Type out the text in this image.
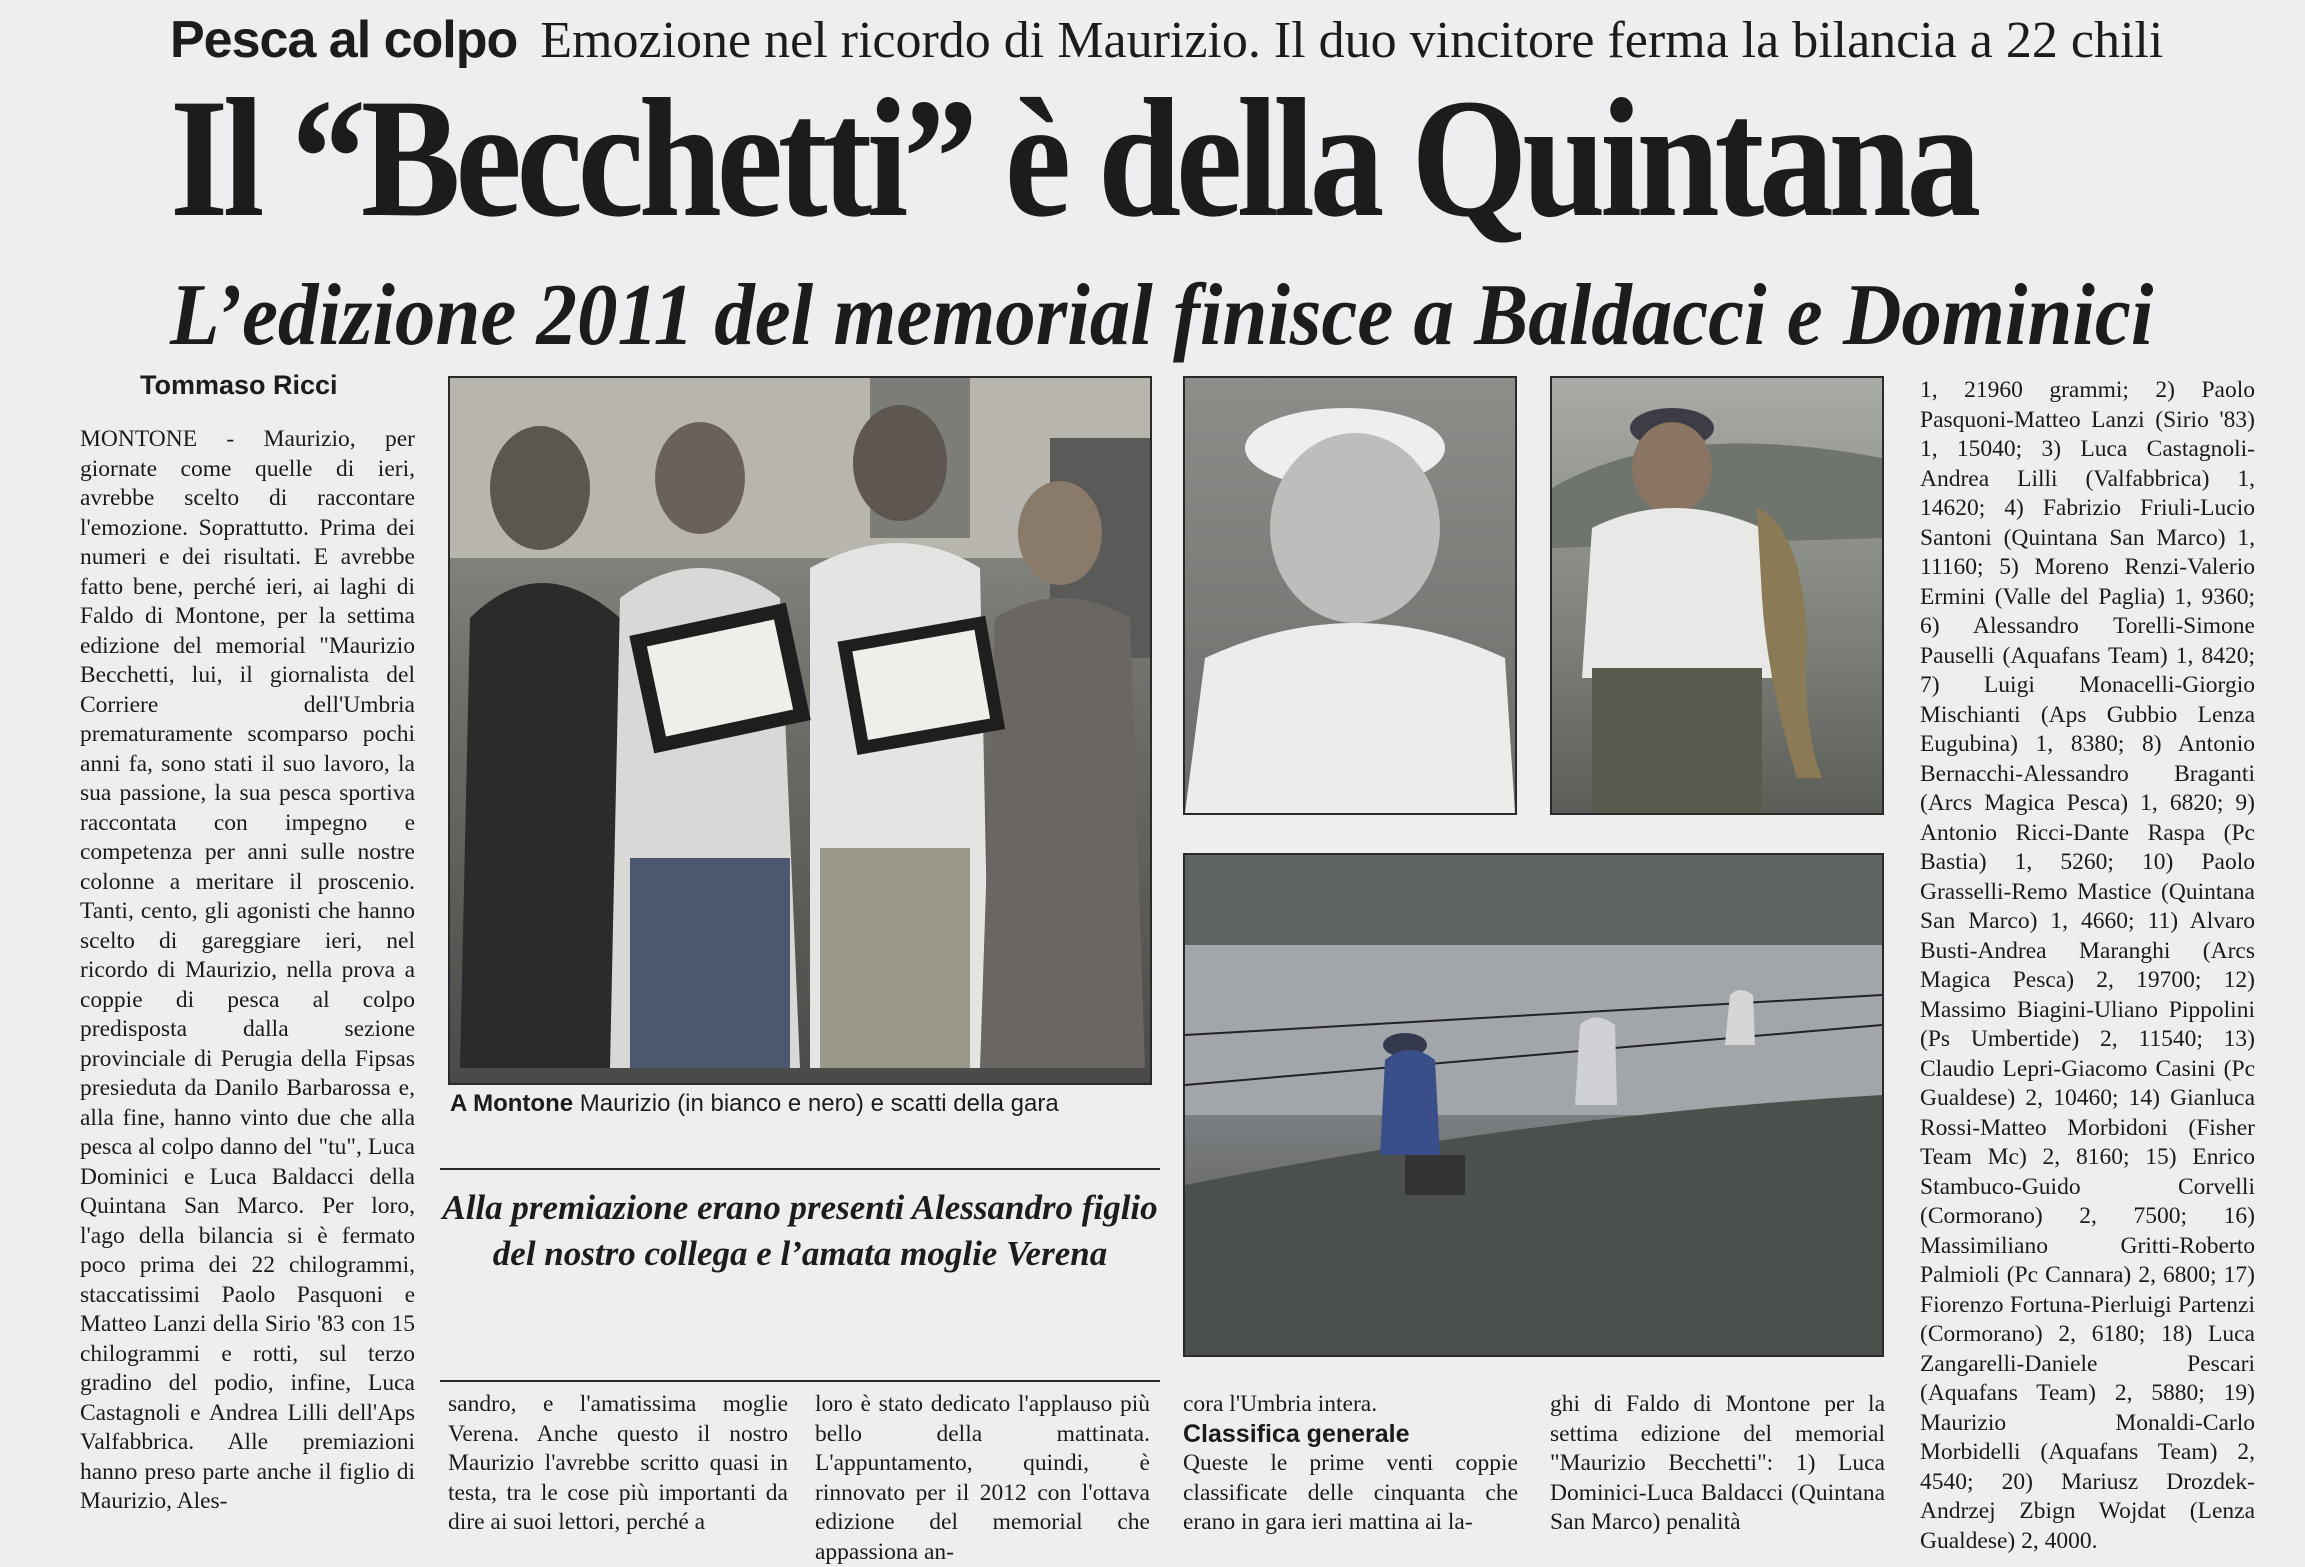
Pesca al colpo Emozione nel ricordo di Maurizio. Il duo vincitore ferma la bilancia a 22 chili
Il “Becchetti” è della Quintana
L’edizione 2011 del memorial finisce a Baldacci e Dominici
Tommaso Ricci

MONTONE - Maurizio, per giornate come quelle di ieri, avrebbe scelto di raccontare l'emozione. Soprattutto. Prima dei numeri e dei risultati. E avrebbe fatto bene, perché ieri, ai laghi di Faldo di Montone, per la settima edizione del memorial "Maurizio Becchetti, lui, il giornalista del Corriere dell'Umbria prematuramente scomparso pochi anni fa, sono stati il suo lavoro, la sua passione, la sua pesca sportiva raccontata con impegno e competenza per anni sulle nostre colonne a meritare il proscenio. Tanti, cento, gli agonisti che hanno scelto di gareggiare ieri, nel ricordo di Maurizio, nella prova a coppie di pesca al colpo predisposta dalla sezione provinciale di Perugia della Fipsas presieduta da Danilo Barbarossa e, alla fine, hanno vinto due che alla pesca al colpo danno del "tu", Luca Dominici e Luca Baldacci della Quintana San Marco. Per loro, l'ago della bilancia si è fermato poco prima dei 22 chilogrammi, staccatissimi Paolo Pasquoni e Matteo Lanzi della Sirio '83 con 15 chilogrammi e rotti, sul terzo gradino del podio, infine, Luca Castagnoli e Andrea Lilli dell'Aps Valfabbrica. Alle premiazioni hanno preso parte anche il figlio di Maurizio, Ales-

A Montone Maurizio (in bianco e nero) e scatti della gara
Alla premiazione erano presenti Alessandro figlio del nostro collega e l’amata moglie Verena

sandro, e l'amatissima moglie Verena. Anche questo il nostro Maurizio l'avrebbe scritto quasi in testa, tra le cose più importanti da dire ai suoi lettori, perché a

loro è stato dedicato l'applauso più bello della mattinata. L'appuntamento, quindi, è rinnovato per il 2012 con l'ottava edizione del memorial che appassiona an-

cora l'Umbria intera.

Classifica generale

Queste le prime venti coppie classificate delle cinquanta che erano in gara ieri mattina ai la-

ghi di Faldo di Montone per la settima edizione del memorial "Maurizio Becchetti": 1) Luca Dominici-Luca Baldacci (Quintana San Marco) penalità

1, 21960 grammi; 2) Paolo Pasquoni-Matteo Lanzi (Sirio '83) 1, 15040; 3) Luca Castagnoli-Andrea Lilli (Valfabbrica) 1, 14620; 4) Fabrizio Friuli-Lucio Santoni (Quintana San Marco) 1, 11160; 5) Moreno Renzi-Valerio Ermini (Valle del Paglia) 1, 9360; 6) Alessandro Torelli-Simone Pauselli (Aquafans Team) 1, 8420; 7) Luigi Monacelli-Giorgio Mischianti (Aps Gubbio Lenza Eugubina) 1, 8380; 8) Antonio Bernacchi-Alessandro Braganti (Arcs Magica Pesca) 1, 6820; 9) Antonio Ricci-Dante Raspa (Pc Bastia) 1, 5260; 10) Paolo Grasselli-Remo Mastice (Quintana San Marco) 1, 4660; 11) Alvaro Busti-Andrea Maranghi (Arcs Magica Pesca) 2, 19700; 12) Massimo Biagini-Uliano Pippolini (Ps Umbertide) 2, 11540; 13) Claudio Lepri-Giacomo Casini (Pc Gualdese) 2, 10460; 14) Gianluca Rossi-Matteo Morbidoni (Fisher Team Mc) 2, 8160; 15) Enrico Stambuco-Guido Corvelli (Cormorano) 2, 7500; 16) Massimiliano Gritti-Roberto Palmioli (Pc Cannara) 2, 6800; 17) Fiorenzo Fortuna-Pierluigi Partenzi (Cormorano) 2, 6180; 18) Luca Zangarelli-Daniele Pescari (Aquafans Team) 2, 5880; 19) Maurizio Monaldi-Carlo Morbidelli (Aquafans Team) 2, 4540; 20) Mariusz Drozdek-Andrzej Zbign Wojdat (Lenza Gualdese) 2, 4000.
